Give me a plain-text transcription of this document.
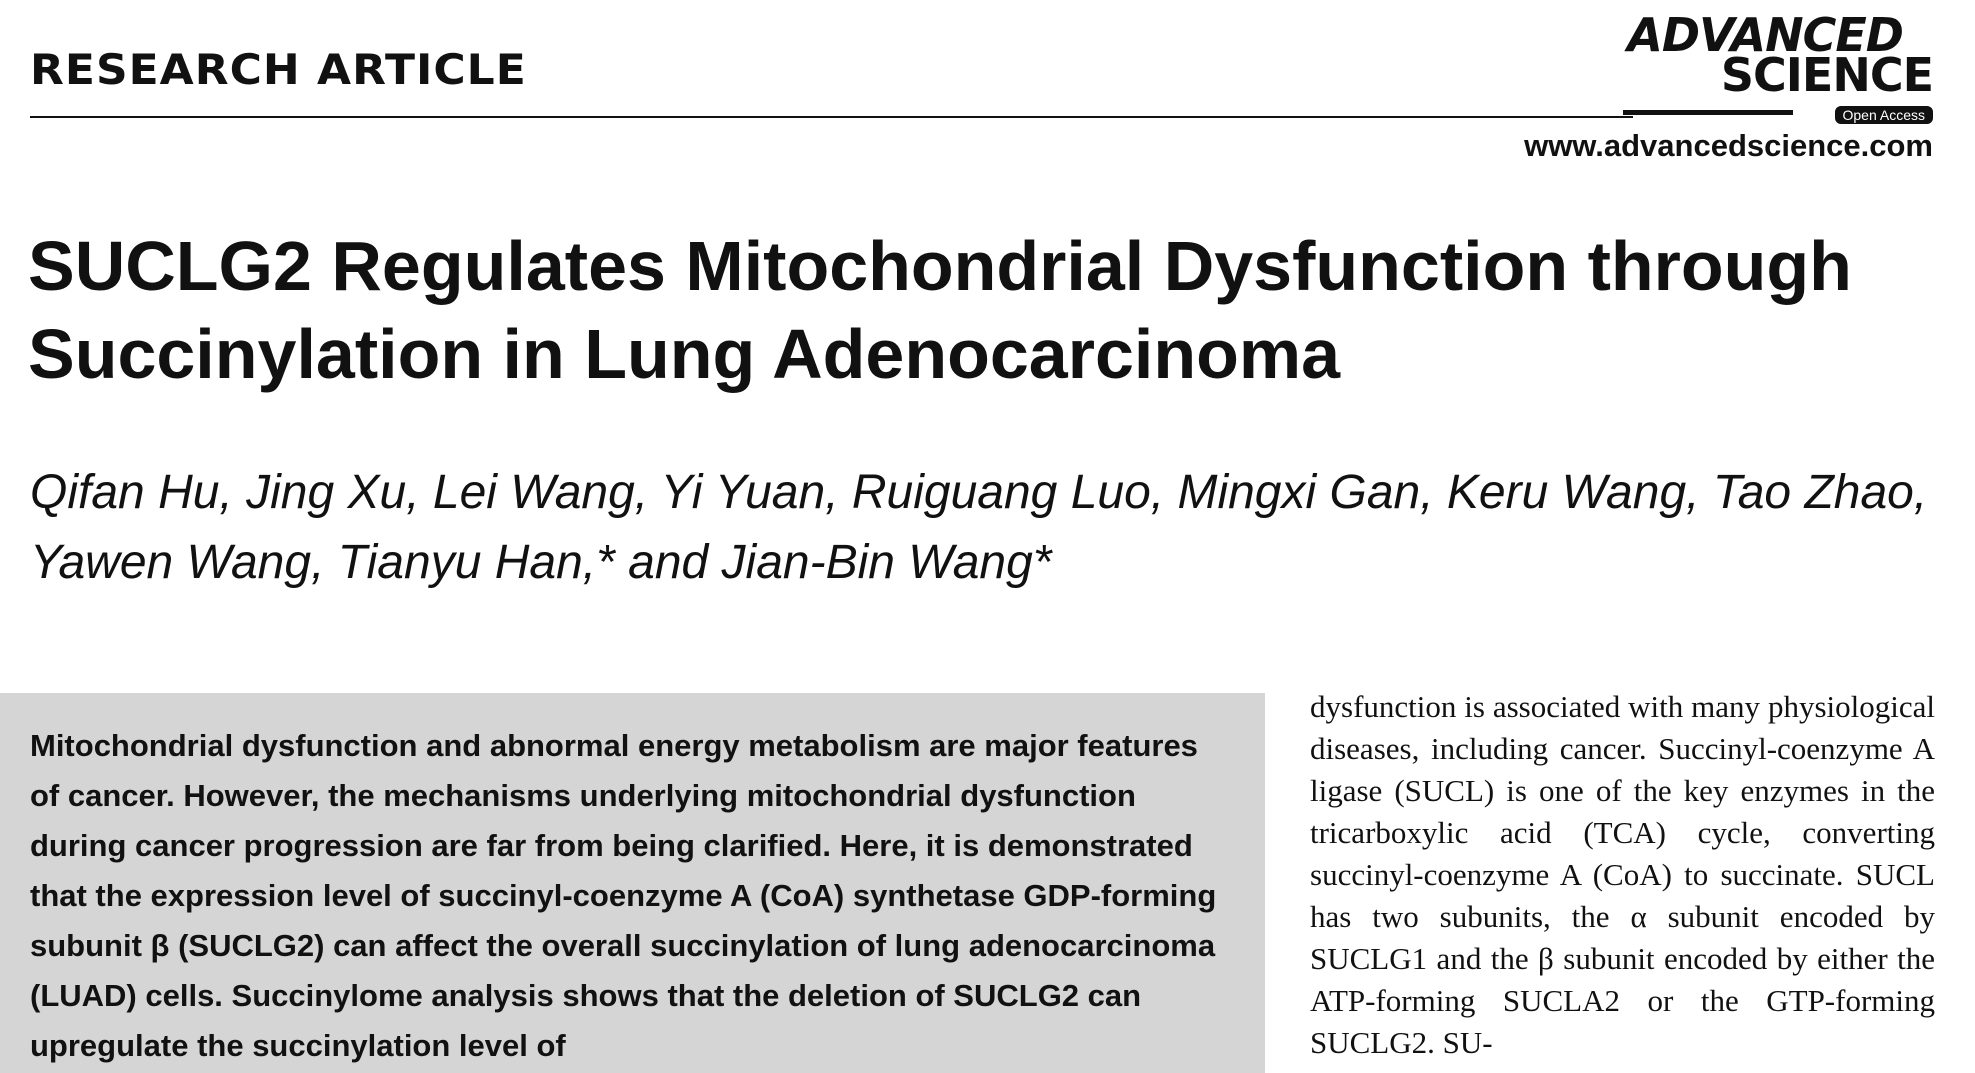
RESEARCH ARTICLE
ADVANCED
SCIENCE
Open Access
www.advancedscience.com
SUCLG2 Regulates Mitochondrial Dysfunction through Succinylation in Lung Adenocarcinoma
Qifan Hu, Jing Xu, Lei Wang, Yi Yuan, Ruiguang Luo, Mingxi Gan, Keru Wang, Tao Zhao, Yawen Wang, Tianyu Han,* and Jian-Bin Wang*

Mitochondrial dysfunction and abnormal energy metabolism are major features of cancer. However, the mechanisms underlying mitochondrial dysfunction during cancer progression are far from being clarified. Here, it is demonstrated that the expression level of succinyl-coenzyme A (CoA) synthetase GDP-forming subunit β (SUCLG2) can affect the overall succinylation of lung adenocarcinoma (LUAD) cells. Succinylome analysis shows that the deletion of SUCLG2 can upregulate the succinylation level of

dysfunction is associated with many physiological diseases, including cancer. Succinyl-coenzyme A ligase (SUCL) is one of the key enzymes in the tricarboxylic acid (TCA) cycle, converting succinyl-coenzyme A (CoA) to succinate. SUCL has two subunits, the α subunit encoded by SUCLG1 and the β subunit encoded by either the ATP-forming SUCLA2 or the GTP-forming SUCLG2. SU-
